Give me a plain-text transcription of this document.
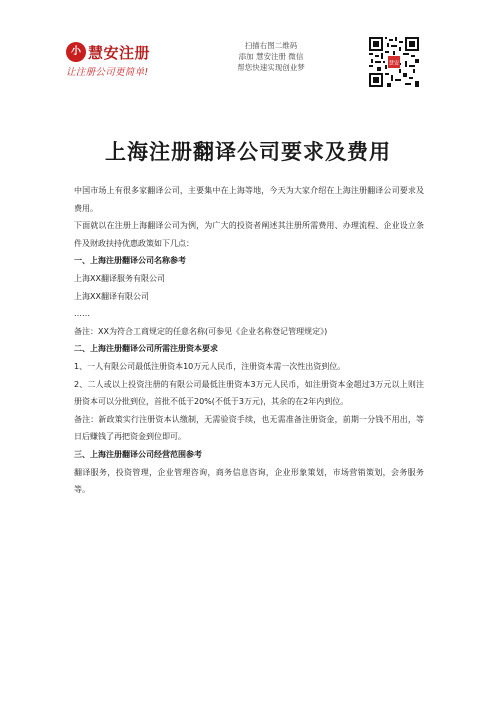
小 慧安注册
让注册公司更简单!
扫描右图二维码
添加 慧安注册 微信
帮您快速实现创业梦	慧安
上海注册翻译公司要求及费用

中国市场上有很多家翻译公司，主要集中在上海等地，今天为大家介绍在上海注册翻译公司要求及费用。

下面就以在注册上海翻译公司为例，为广大的投资者阐述其注册所需费用、办理流程、企业设立条件及财政扶持优惠政策如下几点：

一、上海注册翻译公司名称参考

上海XX翻译服务有限公司

上海XX翻译有限公司

……

备注：XX为符合工商规定的任意名称(可参见《企业名称登记管理规定》)

二、上海注册翻译公司所需注册资本要求

1、一人有限公司最低注册资本10万元人民币，注册资本需一次性出资到位。

2、二人或以上投资注册的有限公司最低注册资本3万元人民币，如注册资本金超过3万元以上则注册资本可以分批到位，首批不低于20%(不低于3万元)，其余的在2年内到位。

备注：新政策实行注册资本认缴制，无需验资手续，也无需准备注册资金，前期一分钱不用出，等日后赚钱了再把资金到位即可。

三、上海注册翻译公司经营范围参考

翻译服务，投资管理，企业管理咨询，商务信息咨询，企业形象策划，市场营销策划，会务服务等。
